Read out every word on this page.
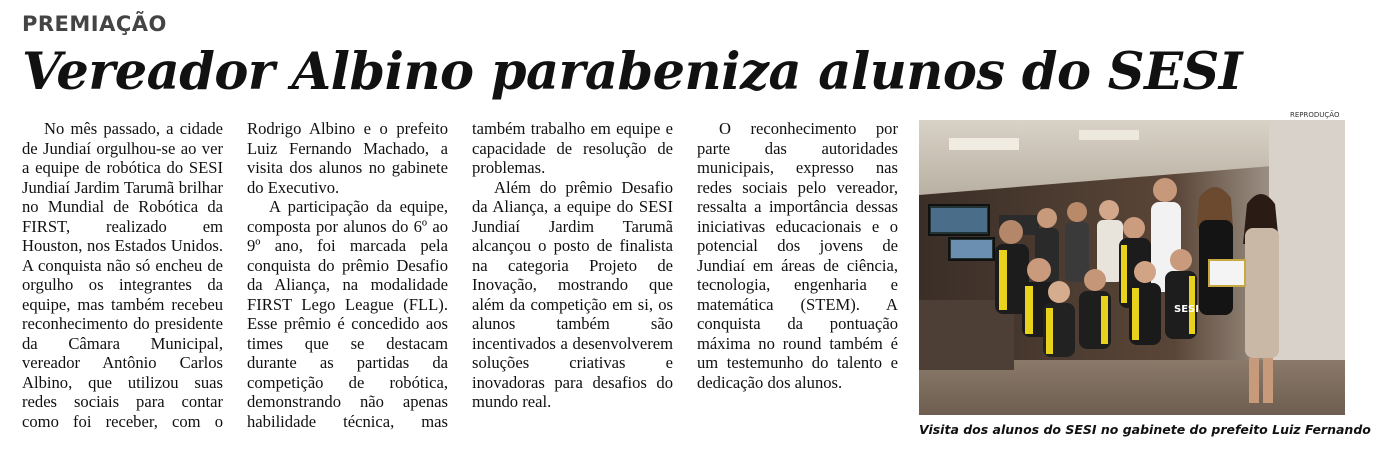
PREMIAÇÃO
Vereador Albino parabeniza alunos do SESI

No mês passado, a cidade de Jundiaí orgulhou-se ao ver a equipe de robótica do SESI Jundiaí Jardim Tarumã brilhar no Mundial de Robótica da FIRST, realizado em Houston, nos Estados Unidos. A conquista não só encheu de orgulho os integrantes da equipe, mas também recebeu reconhecimento do presidente da Câmara Municipal, vereador Antônio Carlos Albino, que utilizou suas redes sociais para contar como foi receber, com o Rodrigo Albino e o prefeito Luiz Fernando Machado, a visita dos alunos no gabinete do Executivo.

A participação da equipe, composta por alunos do 6º ao 9º ano, foi marcada pela conquista do prêmio Desafio da Aliança, na modalidade FIRST Lego League (FLL). Esse prêmio é concedido aos times que se destacam durante as partidas da competição de robótica, demonstrando não apenas habilidade técnica, mas também trabalho em equipe e capacidade de resolução de problemas.

Além do prêmio Desafio da Aliança, a equipe do SESI Jundiaí Jardim Tarumã alcançou o posto de finalista na categoria Projeto de Inovação, mostrando que além da competição em si, os alunos também são incentivados a desenvolverem soluções criativas e inovadoras para desafios do mundo real.

O reconhecimento por parte das autoridades municipais, expresso nas redes sociais pelo vereador, ressalta a importância dessas iniciativas educacionais e o potencial dos jovens de Jundiaí em áreas de ciência, tecnologia, engenharia e matemática (STEM). A conquista da pontuação máxima no round também é um testemunho do talento e dedicação dos alunos.

REPRODUÇÃO
SESI
Visita dos alunos do SESI no gabinete do prefeito Luiz Fernando
